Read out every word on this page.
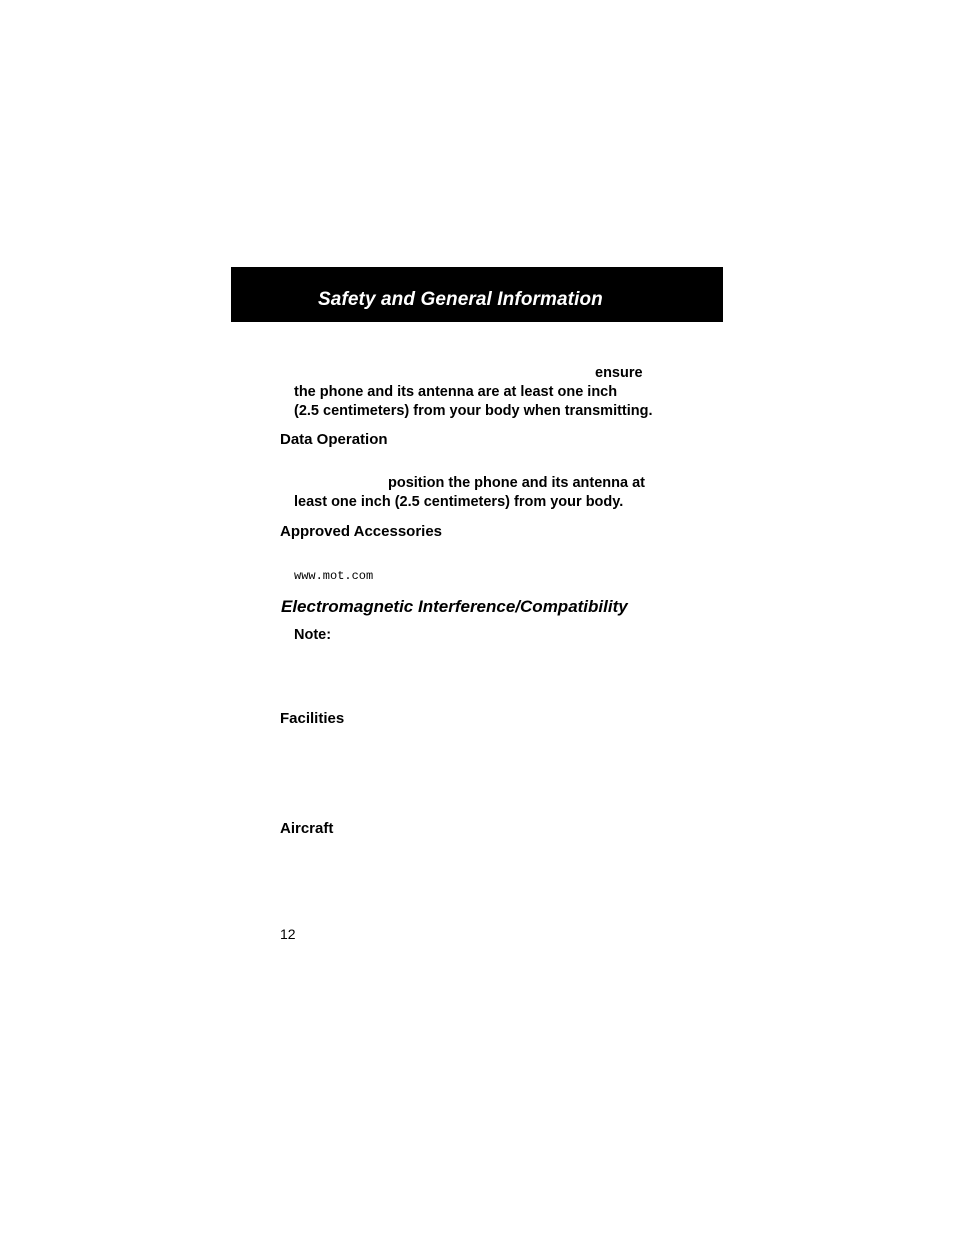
Safety and General Information
ensure
the phone and its antenna are at least one inch
(2.5 centimeters) from your body when transmitting.
Data Operation
position the phone and its antenna at
least one inch (2.5 centimeters) from your body.
Approved Accessories
www.mot.com
Electromagnetic Interference/Compatibility
Note:
Facilities
Aircraft
12
